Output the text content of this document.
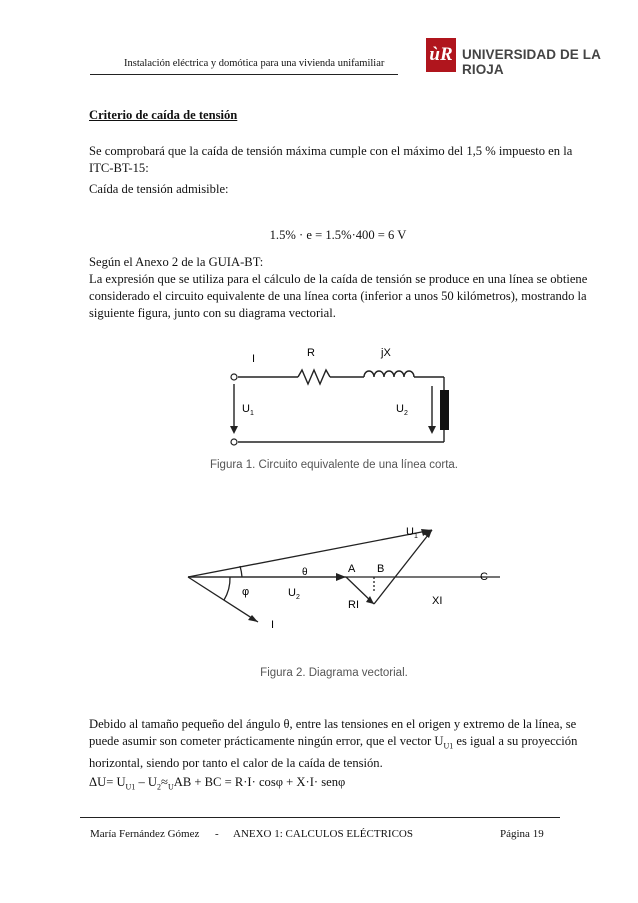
Instalación eléctrica y domótica para una vivienda unifamiliar ùR UNIVERSIDAD DE LA RIOJA
Criterio de caída de tensión
Se comprobará que la caída de tensión máxima cumple con el máximo del 1,5 % impuesto en la ITC-BT-15:
Caída de tensión admisible:
1.5% · e = 1.5%·400 = 6 V
Según el Anexo 2 de la GUIA-BT:
La expresión que se utiliza para el cálculo de la caída de tensión se produce en una línea se obtiene considerado el circuito equivalente de una línea corta (inferior a unos 50 kilómetros), mostrando la siguiente figura, junto con su diagrama vectorial.
I	R	jX
$U_1$	$U_2$
Figura 1. Circuito equivalente de una línea corta.
$U_1$
θ	A B
C
φ	$U_2$
RI	XI
I
Figura 2. Diagrama vectorial.
Debido al tamaño pequeño del ángulo θ, entre las tensiones en el origen y extremo de la línea, se puede asumir son cometer prácticamente ningún error, que el vector $U_{U1}$ es igual a su proyección horizontal, siendo por tanto el calor de la caída de tensión.
$\Delta U= U_{U1} - U_2\approx_UAB$ + BC = R·I· cosφ + X·I· senφ
María Fernández Gómez - ANEXO 1: CALCULOS ELÉCTRICOS	Página 19
